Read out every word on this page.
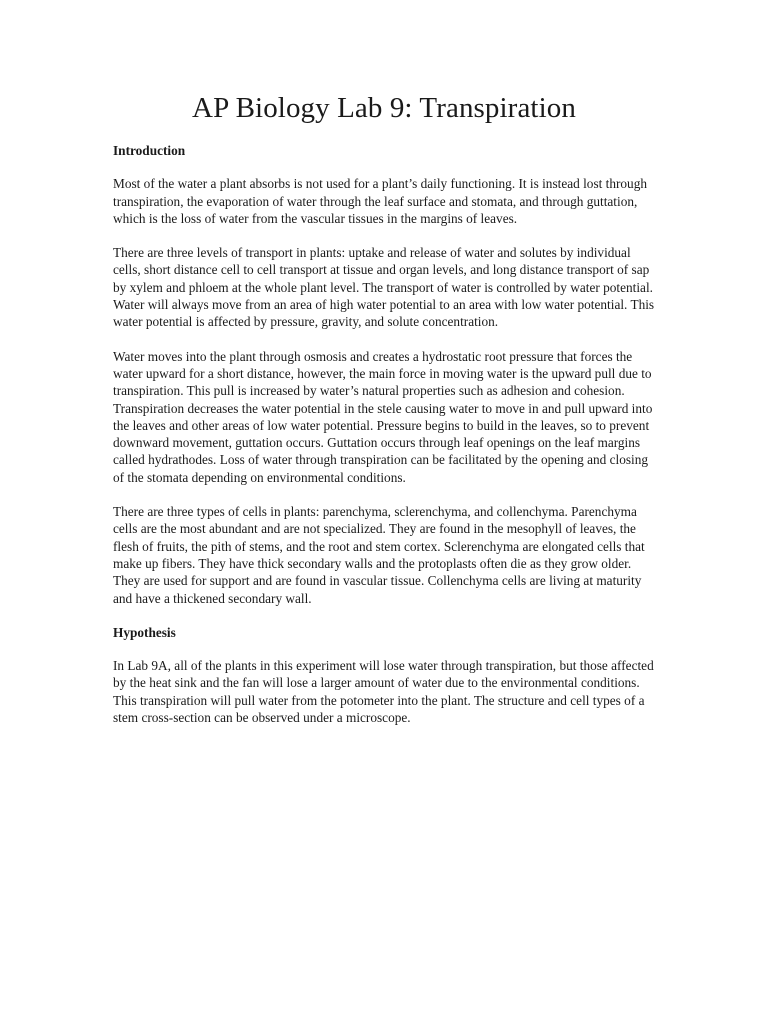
AP Biology Lab 9: Transpiration
Introduction

Most of the water a plant absorbs is not used for a plant’s daily functioning. It is instead lost through transpiration, the evaporation of water through the leaf surface and stomata, and through guttation, which is the loss of water from the vascular tissues in the margins of leaves.

There are three levels of transport in plants: uptake and release of water and solutes by individual cells, short distance cell to cell transport at tissue and organ levels, and long distance transport of sap by xylem and phloem at the whole plant level. The transport of water is controlled by water potential. Water will always move from an area of high water potential to an area with low water potential. This water potential is affected by pressure, gravity, and solute concentration.

Water moves into the plant through osmosis and creates a hydrostatic root pressure that forces the water upward for a short distance, however, the main force in moving water is the upward pull due to transpiration. This pull is increased by water’s natural properties such as adhesion and cohesion. Transpiration decreases the water potential in the stele causing water to move in and pull upward into the leaves and other areas of low water potential. Pressure begins to build in the leaves, so to prevent downward movement, guttation occurs. Guttation occurs through leaf openings on the leaf margins called hydrathodes. Loss of water through transpiration can be facilitated by the opening and closing of the stomata depending on environmental conditions.

There are three types of cells in plants: parenchyma, sclerenchyma, and collenchyma. Parenchyma cells are the most abundant and are not specialized. They are found in the mesophyll of leaves, the flesh of fruits, the pith of stems, and the root and stem cortex. Sclerenchyma are elongated cells that make up fibers. They have thick secondary walls and the protoplasts often die as they grow older. They are used for support and are found in vascular tissue. Collenchyma cells are living at maturity and have a thickened secondary wall.

Hypothesis

In Lab 9A, all of the plants in this experiment will lose water through transpiration, but those affected by the heat sink and the fan will lose a larger amount of water due to the environmental conditions. This transpiration will pull water from the potometer into the plant. The structure and cell types of a stem cross-section can be observed under a microscope.
